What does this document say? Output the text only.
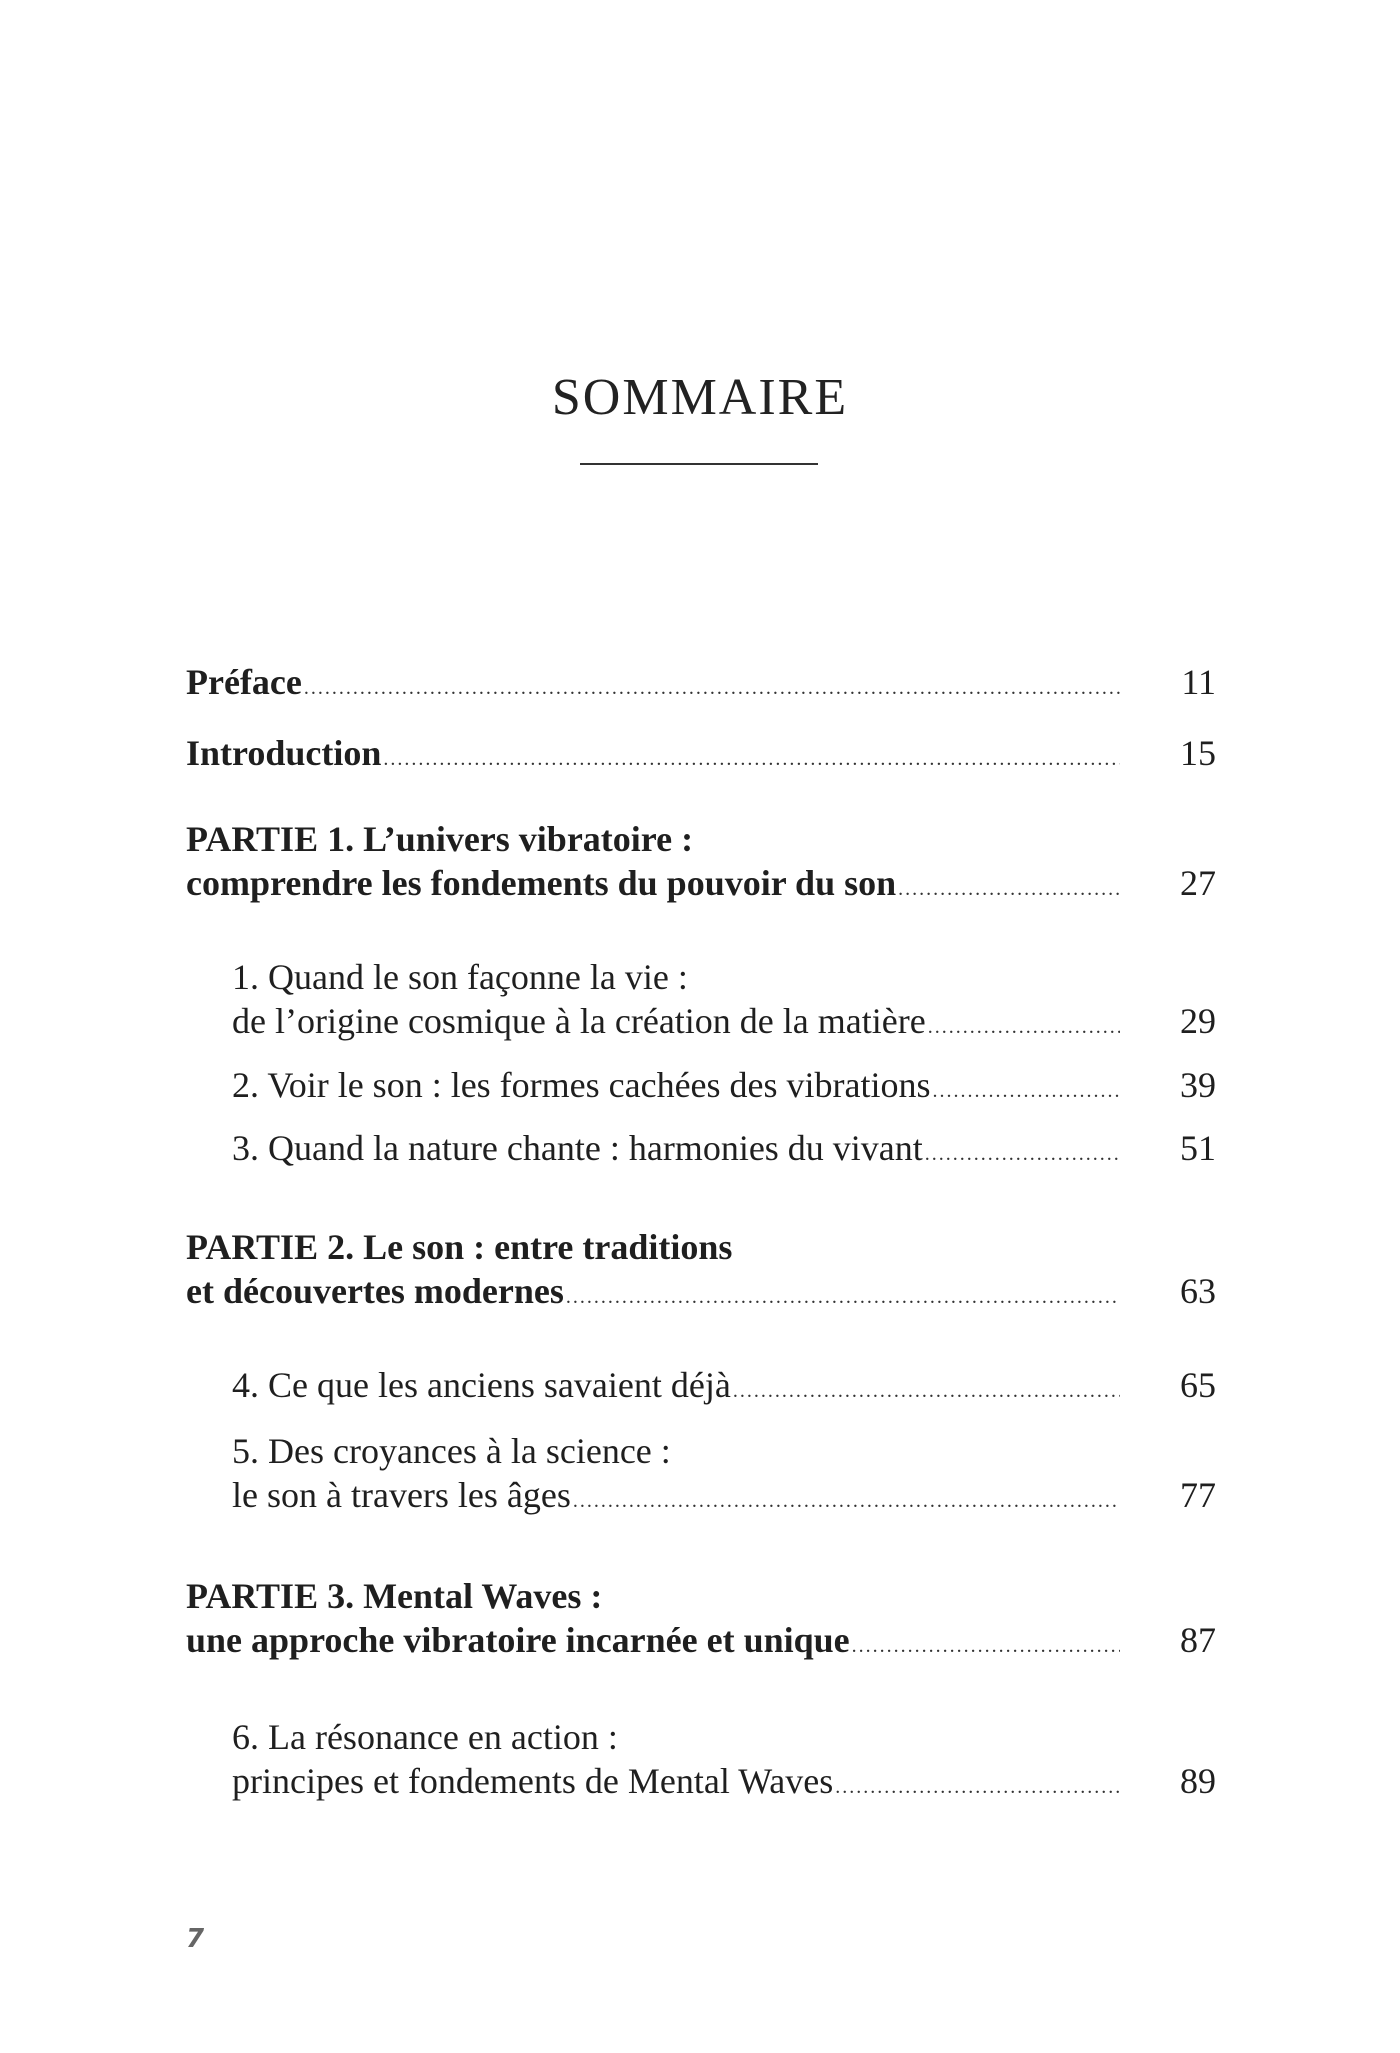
SOMMAIRE
Préface .....	11
Introduction .....	15
PARTIE 1. L’univers vibratoire :
comprendre les fondements du pouvoir du son .....	27
1. Quand le son façonne la vie :
de l’origine cosmique à la création de la matière .....	29
2. Voir le son : les formes cachées des vibrations .....	39
3. Quand la nature chante : harmonies du vivant .....	51
PARTIE 2. Le son : entre traditions
et découvertes modernes .....	63
4. Ce que les anciens savaient déjà .....	65
5. Des croyances à la science :
le son à travers les âges .....	77
PARTIE 3. Mental Waves :
une approche vibratoire incarnée et unique .....	87
6. La résonance en action :
principes et fondements de Mental Waves .....	89
7
